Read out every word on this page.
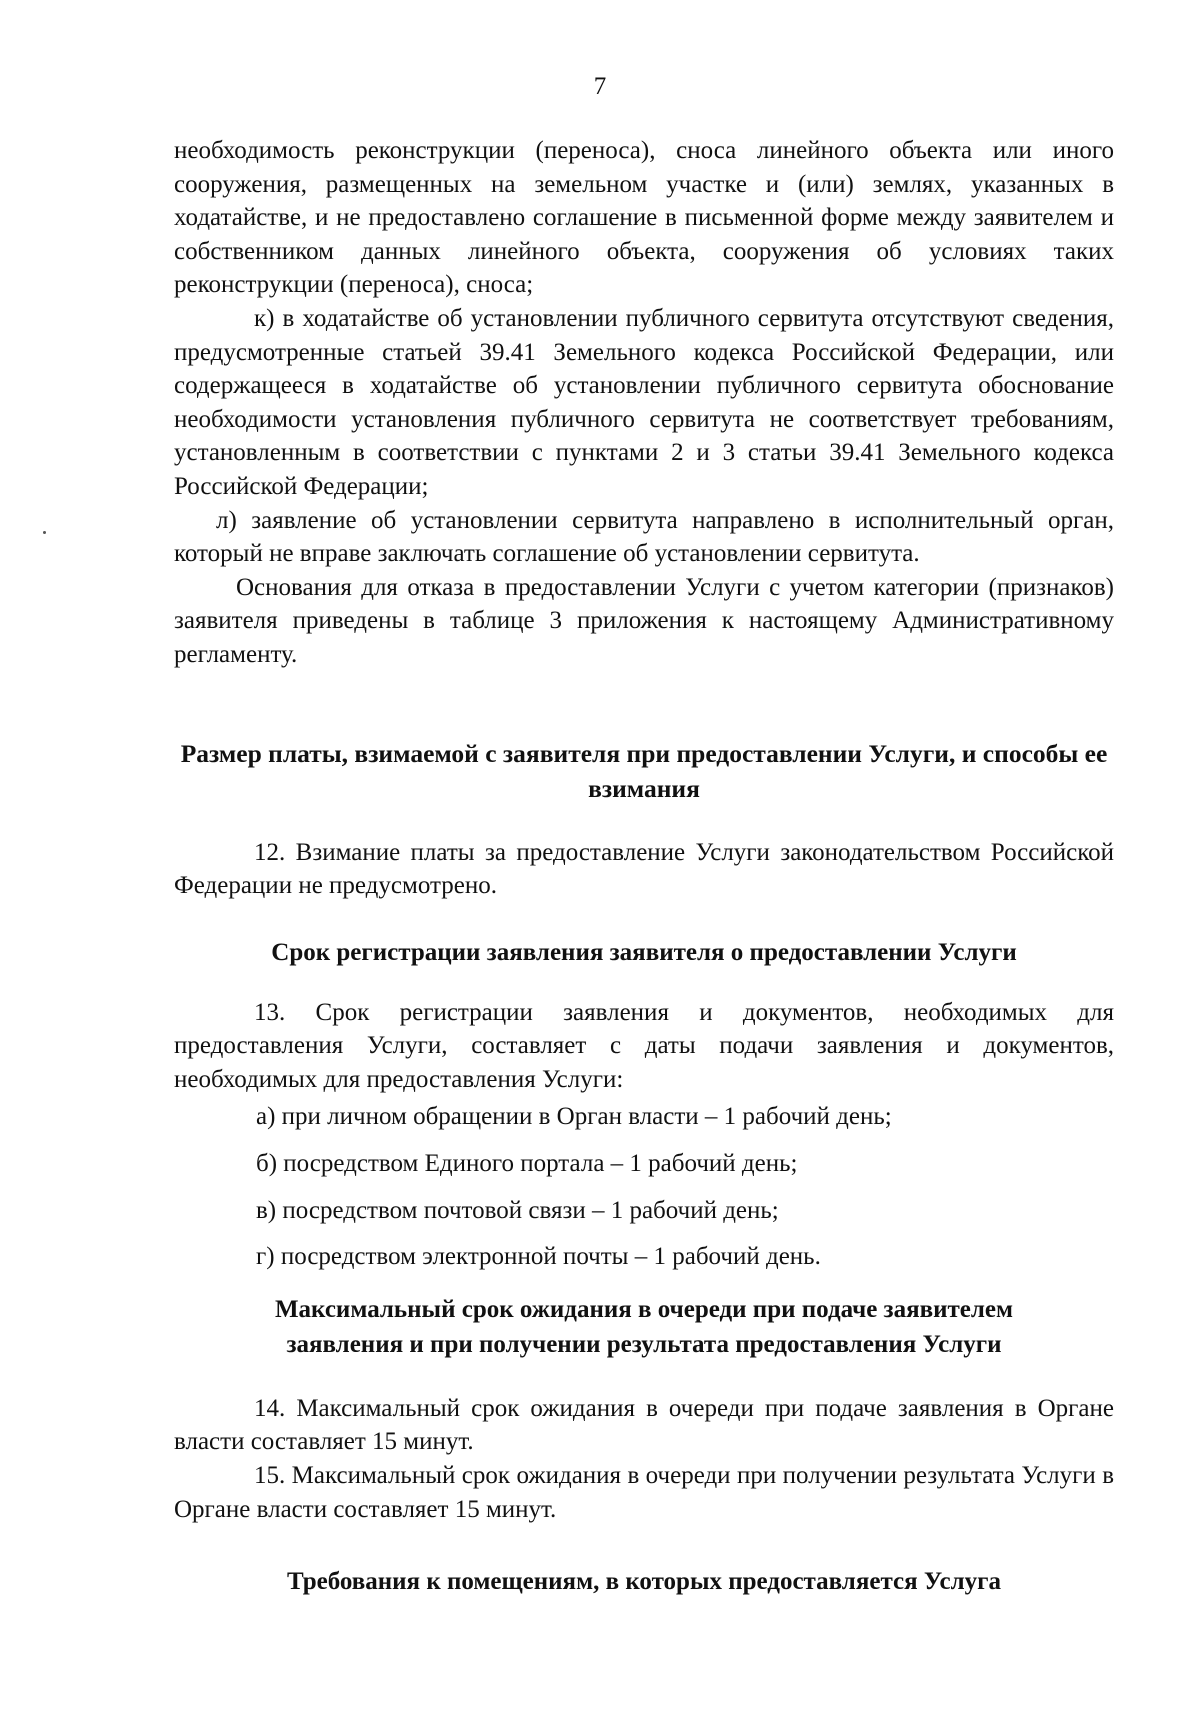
7

необходимость реконструкции (переноса), сноса линейного объекта или иного сооружения, размещенных на земельном участке и (или) землях, указанных в ходатайстве, и не предоставлено соглашение в письменной форме между заявителем и собственником данных линейного объекта, сооружения об условиях таких реконструкции (переноса), сноса;

к) в ходатайстве об установлении публичного сервитута отсутствуют сведения, предусмотренные статьей 39.41 Земельного кодекса Российской Федерации, или содержащееся в ходатайстве об установлении публичного сервитута обоснование необходимости установления публичного сервитута не соответствует требованиям, установленным в соответствии с пунктами 2 и 3 статьи 39.41 Земельного кодекса Российской Федерации;

л) заявление об установлении сервитута направлено в исполнительный орган, который не вправе заключать соглашение об установлении сервитута.

Основания для отказа в предоставлении Услуги с учетом категории (признаков) заявителя приведены в таблице 3 приложения к настоящему Административному регламенту.

Размер платы, взимаемой с заявителя при предоставлении Услуги, и способы ее взимания

12. Взимание платы за предоставление Услуги законодательством Российской Федерации не предусмотрено.

Срок регистрации заявления заявителя о предоставлении Услуги

13. Срок регистрации заявления и документов, необходимых для предоставления Услуги, составляет с даты подачи заявления и документов, необходимых для предоставления Услуги:

а) при личном обращении в Орган власти – 1 рабочий день;

б) посредством Единого портала – 1 рабочий день;

в) посредством почтовой связи – 1 рабочий день;

г) посредством электронной почты – 1 рабочий день.

Максимальный срок ожидания в очереди при подаче заявителем заявления и при получении результата предоставления Услуги

14. Максимальный срок ожидания в очереди при подаче заявления в Органе власти составляет 15 минут.

15. Максимальный срок ожидания в очереди при получении результата Услуги в Органе власти составляет 15 минут.

Требования к помещениям, в которых предоставляется Услуга
